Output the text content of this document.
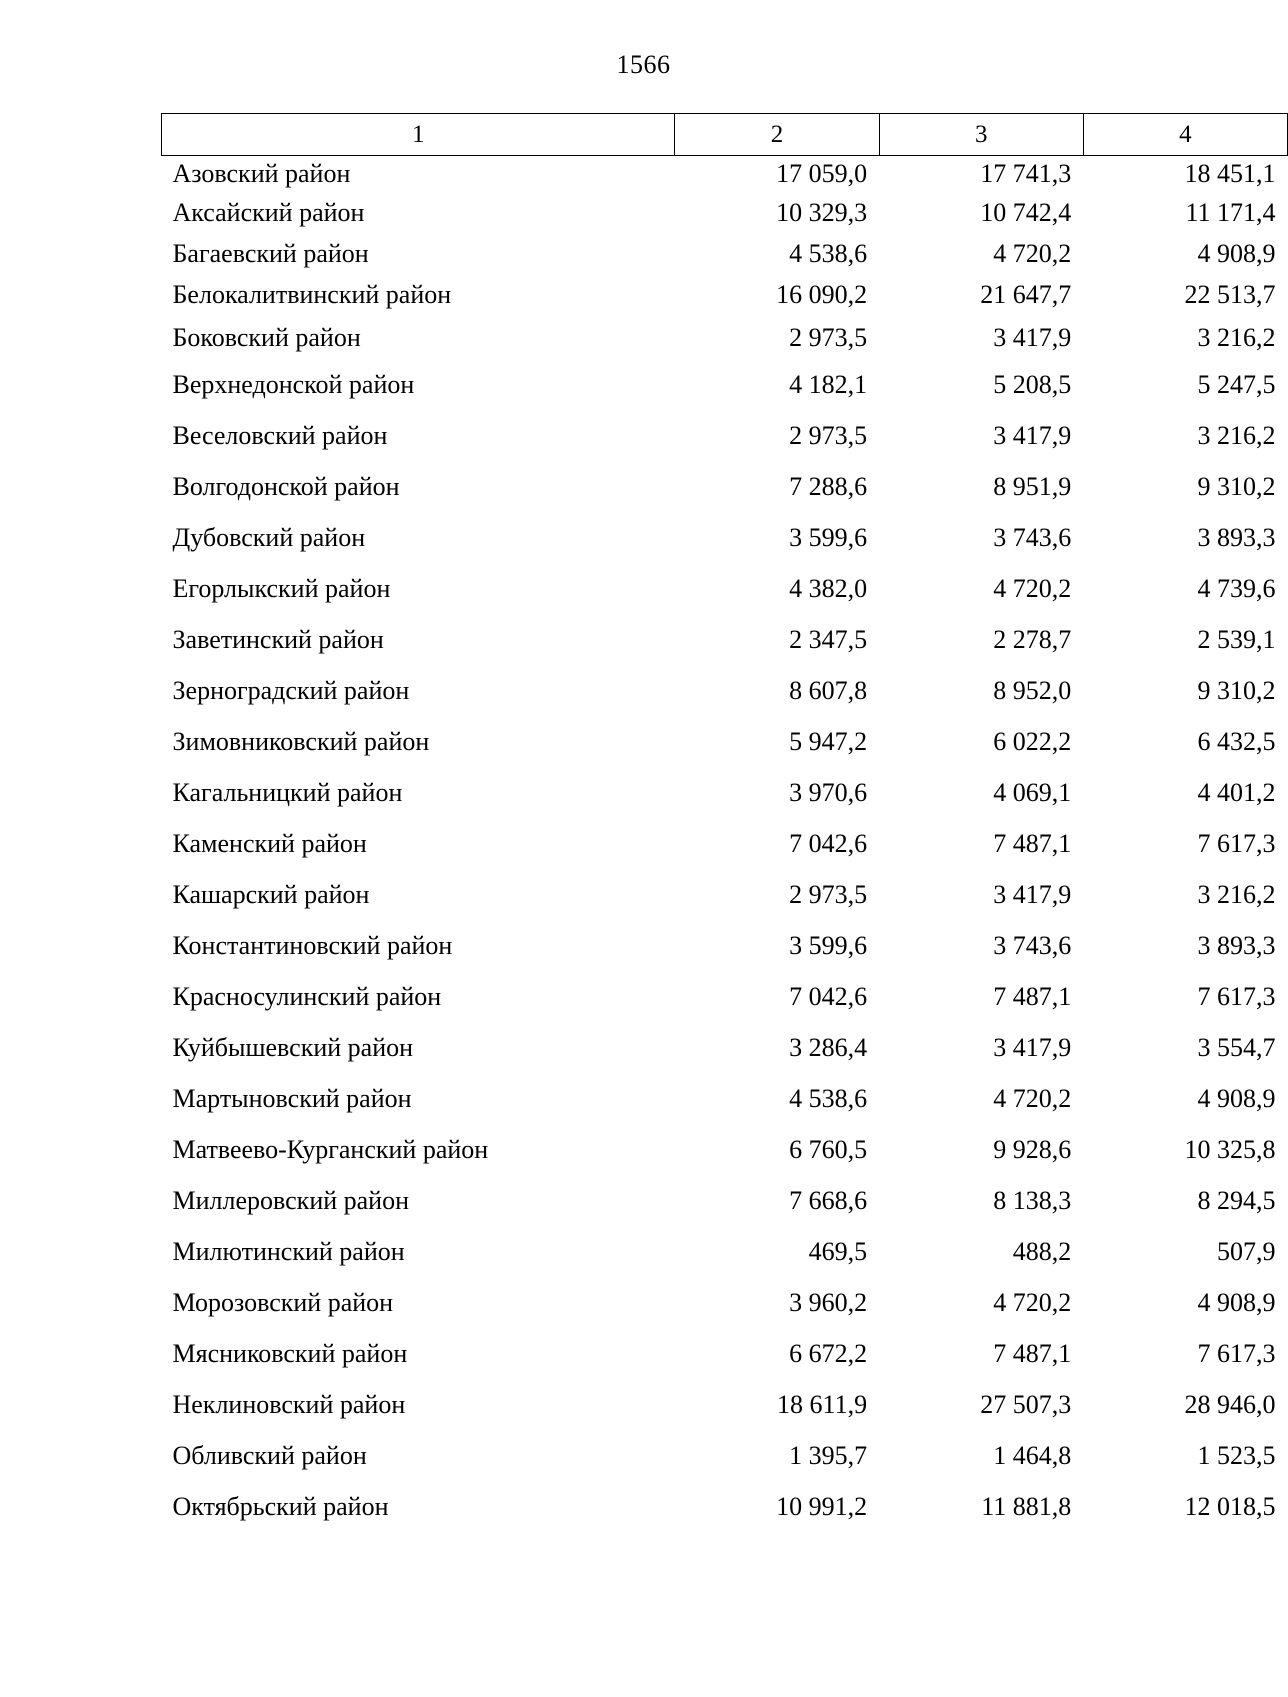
1566
1	2	3	4
Азовский район	17 059,0	17 741,3	18 451,1
Аксайский район	10 329,3	10 742,4	11 171,4
Багаевский район	4 538,6	4 720,2	4 908,9
Белокалитвинский район	16 090,2	21 647,7	22 513,7
Боковский район	2 973,5	3 417,9	3 216,2
Верхнедонской район	4 182,1	5 208,5	5 247,5
Веселовский район	2 973,5	3 417,9	3 216,2
Волгодонской район	7 288,6	8 951,9	9 310,2
Дубовский район	3 599,6	3 743,6	3 893,3
Егорлыкский район	4 382,0	4 720,2	4 739,6
Заветинский район	2 347,5	2 278,7	2 539,1
Зерноградский район	8 607,8	8 952,0	9 310,2
Зимовниковский район	5 947,2	6 022,2	6 432,5
Кагальницкий район	3 970,6	4 069,1	4 401,2
Каменский район	7 042,6	7 487,1	7 617,3
Кашарский район	2 973,5	3 417,9	3 216,2
Константиновский район	3 599,6	3 743,6	3 893,3
Красносулинский район	7 042,6	7 487,1	7 617,3
Куйбышевский район	3 286,4	3 417,9	3 554,7
Мартыновский район	4 538,6	4 720,2	4 908,9
Матвеево-Курганский район	6 760,5	9 928,6	10 325,8
Миллеровский район	7 668,6	8 138,3	8 294,5
Милютинский район	469,5	488,2	507,9
Морозовский район	3 960,2	4 720,2	4 908,9
Мясниковский район	6 672,2	7 487,1	7 617,3
Неклиновский район	18 611,9	27 507,3	28 946,0
Обливский район	1 395,7	1 464,8	1 523,5
Октябрьский район	10 991,2	11 881,8	12 018,5
